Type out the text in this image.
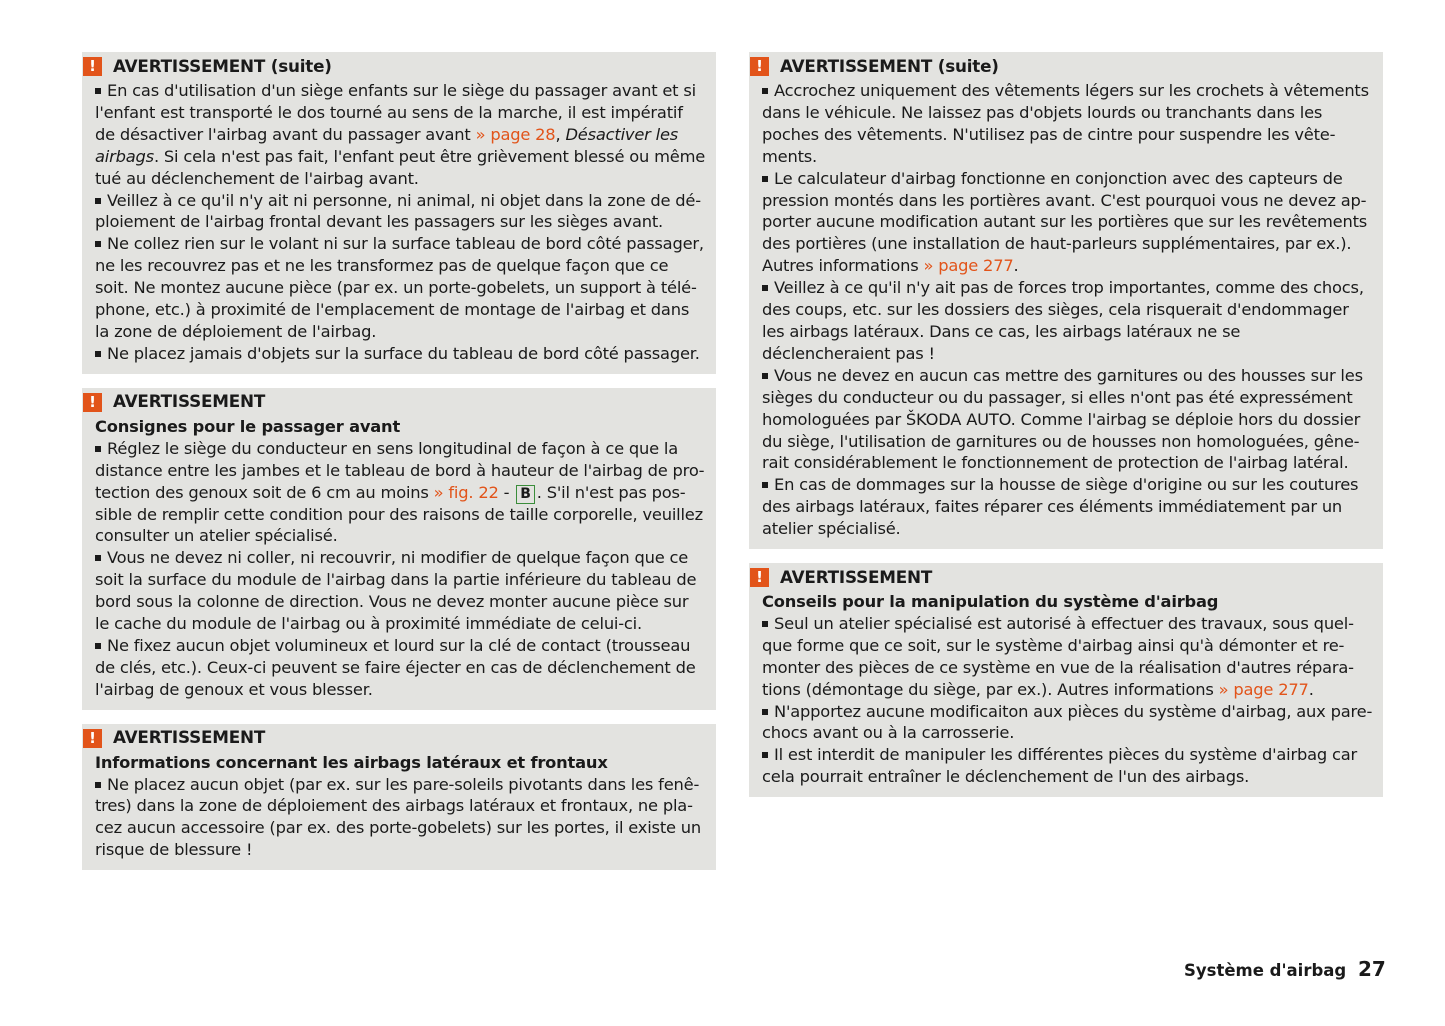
!	AVERTISSEMENT (suite)

En cas d'utilisation d'un siège enfants sur le siège du passager avant et si l'enfant est transporté le dos tourné au sens de la marche, il est impératif de désactiver l'airbag avant du passager avant » page 28, Désactiver les airbags. Si cela n'est pas fait, l'enfant peut être grièvement blessé ou même tué au déclenchement de l'airbag avant.

Veillez à ce qu'il n'y ait ni personne, ni animal, ni objet dans la zone de déploiement de l'airbag frontal devant les passagers sur les sièges avant.

Ne collez rien sur le volant ni sur la surface tableau de bord côté passager, ne les recouvrez pas et ne les transformez pas de quelque façon que ce soit. Ne montez aucune pièce (par ex. un porte-gobelets, un support à téléphone, etc.) à proximité de l'emplacement de montage de l'airbag et dans la zone de déploiement de l'airbag.

Ne placez jamais d'objets sur la surface du tableau de bord côté passager.

!	AVERTISSEMENT
Consignes pour le passager avant

Réglez le siège du conducteur en sens longitudinal de façon à ce que la distance entre les jambes et le tableau de bord à hauteur de l'airbag de protection des genoux soit de 6 cm au moins » fig. 22 - B . S'il n'est pas possible de remplir cette condition pour des raisons de taille corporelle, veuillez consulter un atelier spécialisé.

Vous ne devez ni coller, ni recouvrir, ni modifier de quelque façon que ce soit la surface du module de l'airbag dans la partie inférieure du tableau de bord sous la colonne de direction. Vous ne devez monter aucune pièce sur le cache du module de l'airbag ou à proximité immédiate de celui-ci.

Ne fixez aucun objet volumineux et lourd sur la clé de contact (trousseau de clés, etc.). Ceux-ci peuvent se faire éjecter en cas de déclenchement de l'airbag de genoux et vous blesser.

!	AVERTISSEMENT
Informations concernant les airbags latéraux et frontaux

Ne placez aucun objet (par ex. sur les pare-soleils pivotants dans les fenêtres) dans la zone de déploiement des airbags latéraux et frontaux, ne placez aucun accessoire (par ex. des porte-gobelets) sur les portes, il existe un risque de blessure !

!	AVERTISSEMENT (suite)

Accrochez uniquement des vêtements légers sur les crochets à vêtements dans le véhicule. Ne laissez pas d'objets lourds ou tranchants dans les poches des vêtements. N'utilisez pas de cintre pour suspendre les vêtements.

Le calculateur d'airbag fonctionne en conjonction avec des capteurs de pression montés dans les portières avant. C'est pourquoi vous ne devez apporter aucune modification autant sur les portières que sur les revêtements des portières (une installation de haut-parleurs supplémentaires, par ex.). Autres informations » page 277.

Veillez à ce qu'il n'y ait pas de forces trop importantes, comme des chocs, des coups, etc. sur les dossiers des sièges, cela risquerait d'endommager les airbags latéraux. Dans ce cas, les airbags latéraux ne se déclencheraient pas !

Vous ne devez en aucun cas mettre des garnitures ou des housses sur les sièges du conducteur ou du passager, si elles n'ont pas été expressément homologuées par ŠKODA AUTO. Comme l'airbag se déploie hors du dossier du siège, l'utilisation de garnitures ou de housses non homologuées, gênerait considérablement le fonctionnement de protection de l'airbag latéral.

En cas de dommages sur la housse de siège d'origine ou sur les coutures des airbags latéraux, faites réparer ces éléments immédiatement par un atelier spécialisé.

!	AVERTISSEMENT
Conseils pour la manipulation du système d'airbag

Seul un atelier spécialisé est autorisé à effectuer des travaux, sous quelque forme que ce soit, sur le système d'airbag ainsi qu'à démonter et remonter des pièces de ce système en vue de la réalisation d'autres réparations (démontage du siège, par ex.). Autres informations » page 277.

N'apportez aucune modificaiton aux pièces du système d'airbag, aux parechocs avant ou à la carrosserie.

Il est interdit de manipuler les différentes pièces du système d'airbag car cela pourrait entraîner le déclenchement de l'un des airbags.

Système d'airbag 27
